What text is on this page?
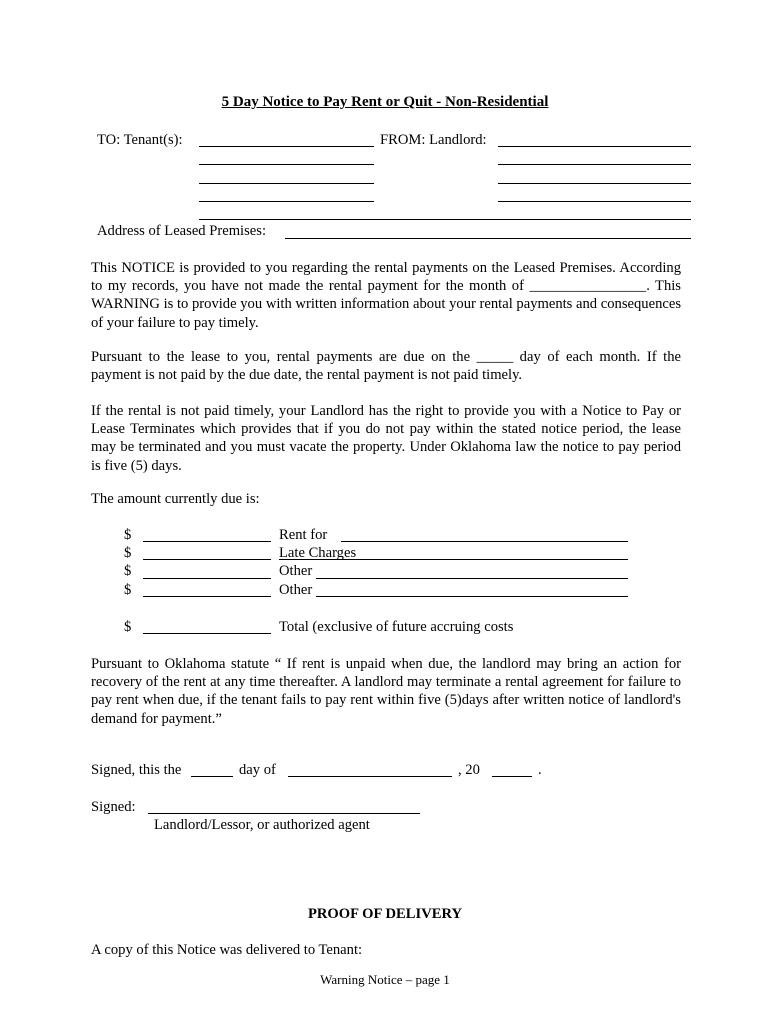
5 Day Notice to Pay Rent or Quit - Non-Residential
TO: Tenant(s):	FROM: Landlord:
Address of Leased Premises:
This NOTICE is provided to you regarding the rental payments on the Leased Premises. According to my records, you have not made the rental payment for the month of ________________. This WARNING is to provide you with written information about your rental payments and consequences of your failure to pay timely.
Pursuant to the lease to you, rental payments are due on the _____ day of each month. If the payment is not paid by the due date, the rental payment is not paid timely.
If the rental is not paid timely, your Landlord has the right to provide you with a Notice to Pay or Lease Terminates which provides that if you do not pay within the stated notice period, the lease may be terminated and you must vacate the property. Under Oklahoma law the notice to pay period is five (5) days.
The amount currently due is:
$	Rent for
$	Late Charges
$	Other
$	Other
$	Total (exclusive of future accruing costs
Pursuant to Oklahoma statute “ If rent is unpaid when due, the landlord may bring an action for recovery of the rent at any time thereafter. A landlord may terminate a rental agreement for failure to pay rent when due, if the tenant fails to pay rent within five (5)days after written notice of landlord's demand for payment.”
Signed, this the	day of	, 20	.
Signed:
Landlord/Lessor, or authorized agent
PROOF OF DELIVERY
A copy of this Notice was delivered to Tenant:
Warning Notice – page 1
